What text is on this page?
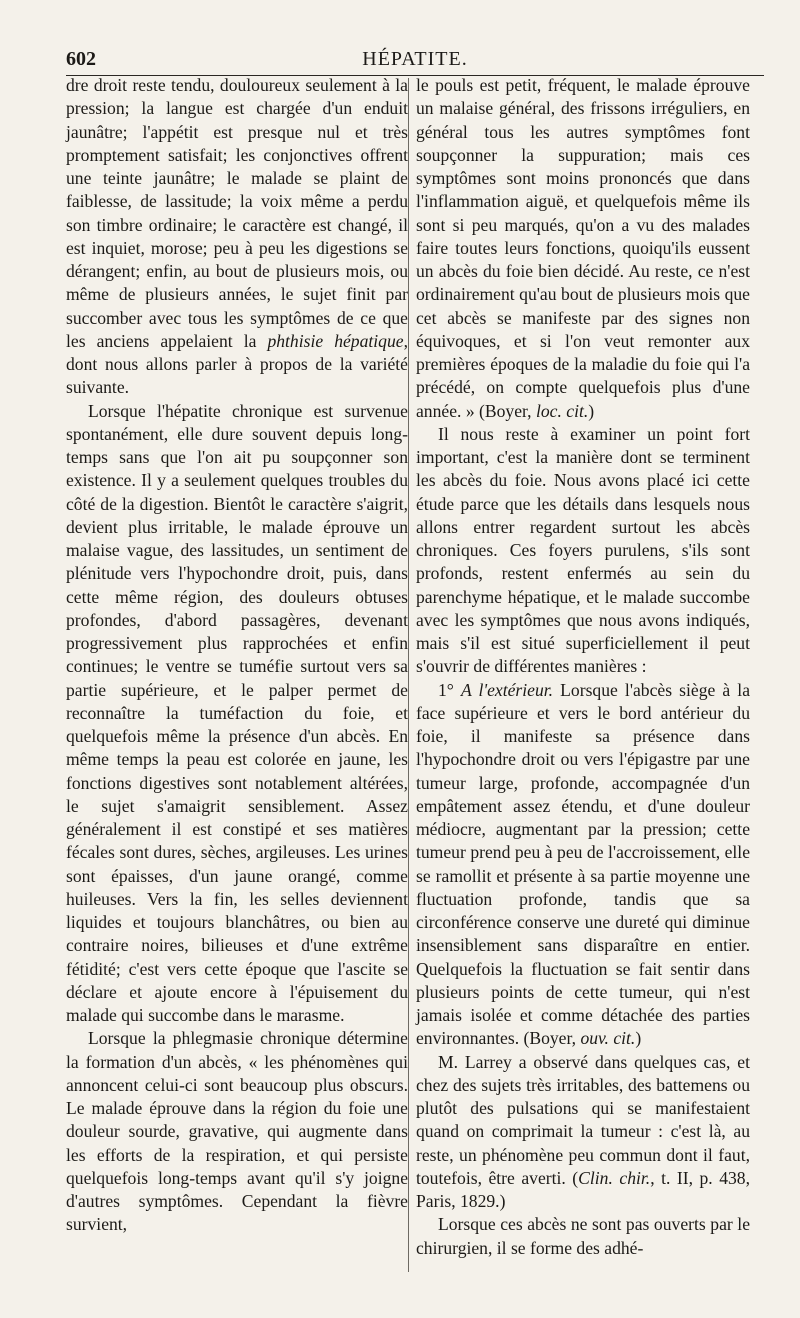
602	HÉPATITE.

dre droit reste tendu, douloureux seulement à la pression; la langue est chargée d'un enduit jaunâtre; l'appétit est presque nul et très promptement satisfait; les conjonctives offrent une teinte jaunâtre; le malade se plaint de faiblesse, de lassitude; la voix même a perdu son timbre ordinaire; le caractère est changé, il est inquiet, morose; peu à peu les digestions se dérangent; enfin, au bout de plusieurs mois, ou même de plusieurs années, le sujet finit par succomber avec tous les symptômes de ce que les anciens appelaient la phthisie hépatique, dont nous allons parler à propos de la variété suivante.

Lorsque l'hépatite chronique est survenue spontanément, elle dure souvent depuis long-temps sans que l'on ait pu soupçonner son existence. Il y a seulement quelques troubles du côté de la digestion. Bientôt le caractère s'aigrit, devient plus irritable, le malade éprouve un malaise vague, des lassitudes, un sentiment de plénitude vers l'hypochondre droit, puis, dans cette même région, des douleurs obtuses profondes, d'abord passagères, devenant progressivement plus rapprochées et enfin continues; le ventre se tuméfie surtout vers sa partie supérieure, et le palper permet de reconnaître la tuméfaction du foie, et quelquefois même la présence d'un abcès. En même temps la peau est colorée en jaune, les fonctions digestives sont notablement altérées, le sujet s'amaigrit sensiblement. Assez généralement il est constipé et ses matières fécales sont dures, sèches, argileuses. Les urines sont épaisses, d'un jaune orangé, comme huileuses. Vers la fin, les selles deviennent liquides et toujours blanchâtres, ou bien au contraire noires, bilieuses et d'une extrême fétidité; c'est vers cette époque que l'ascite se déclare et ajoute encore à l'épuisement du malade qui succombe dans le marasme.

Lorsque la phlegmasie chronique détermine la formation d'un abcès, « les phénomènes qui annoncent celui-ci sont beaucoup plus obscurs. Le malade éprouve dans la région du foie une douleur sourde, gravative, qui augmente dans les efforts de la respiration, et qui persiste quelquefois long-temps avant qu'il s'y joigne d'autres symptômes. Cependant la fièvre survient,

le pouls est petit, fréquent, le malade éprouve un malaise général, des frissons irréguliers, en général tous les autres symptômes font soupçonner la suppuration; mais ces symptômes sont moins prononcés que dans l'inflammation aiguë, et quelquefois même ils sont si peu marqués, qu'on a vu des malades faire toutes leurs fonctions, quoiqu'ils eussent un abcès du foie bien décidé. Au reste, ce n'est ordinairement qu'au bout de plusieurs mois que cet abcès se manifeste par des signes non équivoques, et si l'on veut remonter aux premières époques de la maladie du foie qui l'a précédé, on compte quelquefois plus d'une année. » (Boyer, loc. cit.)

Il nous reste à examiner un point fort important, c'est la manière dont se terminent les abcès du foie. Nous avons placé ici cette étude parce que les détails dans lesquels nous allons entrer regardent surtout les abcès chroniques. Ces foyers purulens, s'ils sont profonds, restent enfermés au sein du parenchyme hépatique, et le malade succombe avec les symptômes que nous avons indiqués, mais s'il est situé superficiellement il peut s'ouvrir de différentes manières :

1° A l'extérieur. Lorsque l'abcès siège à la face supérieure et vers le bord antérieur du foie, il manifeste sa présence dans l'hypochondre droit ou vers l'épigastre par une tumeur large, profonde, accompagnée d'un empâtement assez étendu, et d'une douleur médiocre, augmentant par la pression; cette tumeur prend peu à peu de l'accroissement, elle se ramollit et présente à sa partie moyenne une fluctuation profonde, tandis que sa circonférence conserve une dureté qui diminue insensiblement sans disparaître en entier. Quelquefois la fluctuation se fait sentir dans plusieurs points de cette tumeur, qui n'est jamais isolée et comme détachée des parties environnantes. (Boyer, ouv. cit.)

M. Larrey a observé dans quelques cas, et chez des sujets très irritables, des battemens ou plutôt des pulsations qui se manifestaient quand on comprimait la tumeur : c'est là, au reste, un phénomène peu commun dont il faut, toutefois, être averti. (Clin. chir., t. II, p. 438, Paris, 1829.)

Lorsque ces abcès ne sont pas ouverts par le chirurgien, il se forme des adhé-
